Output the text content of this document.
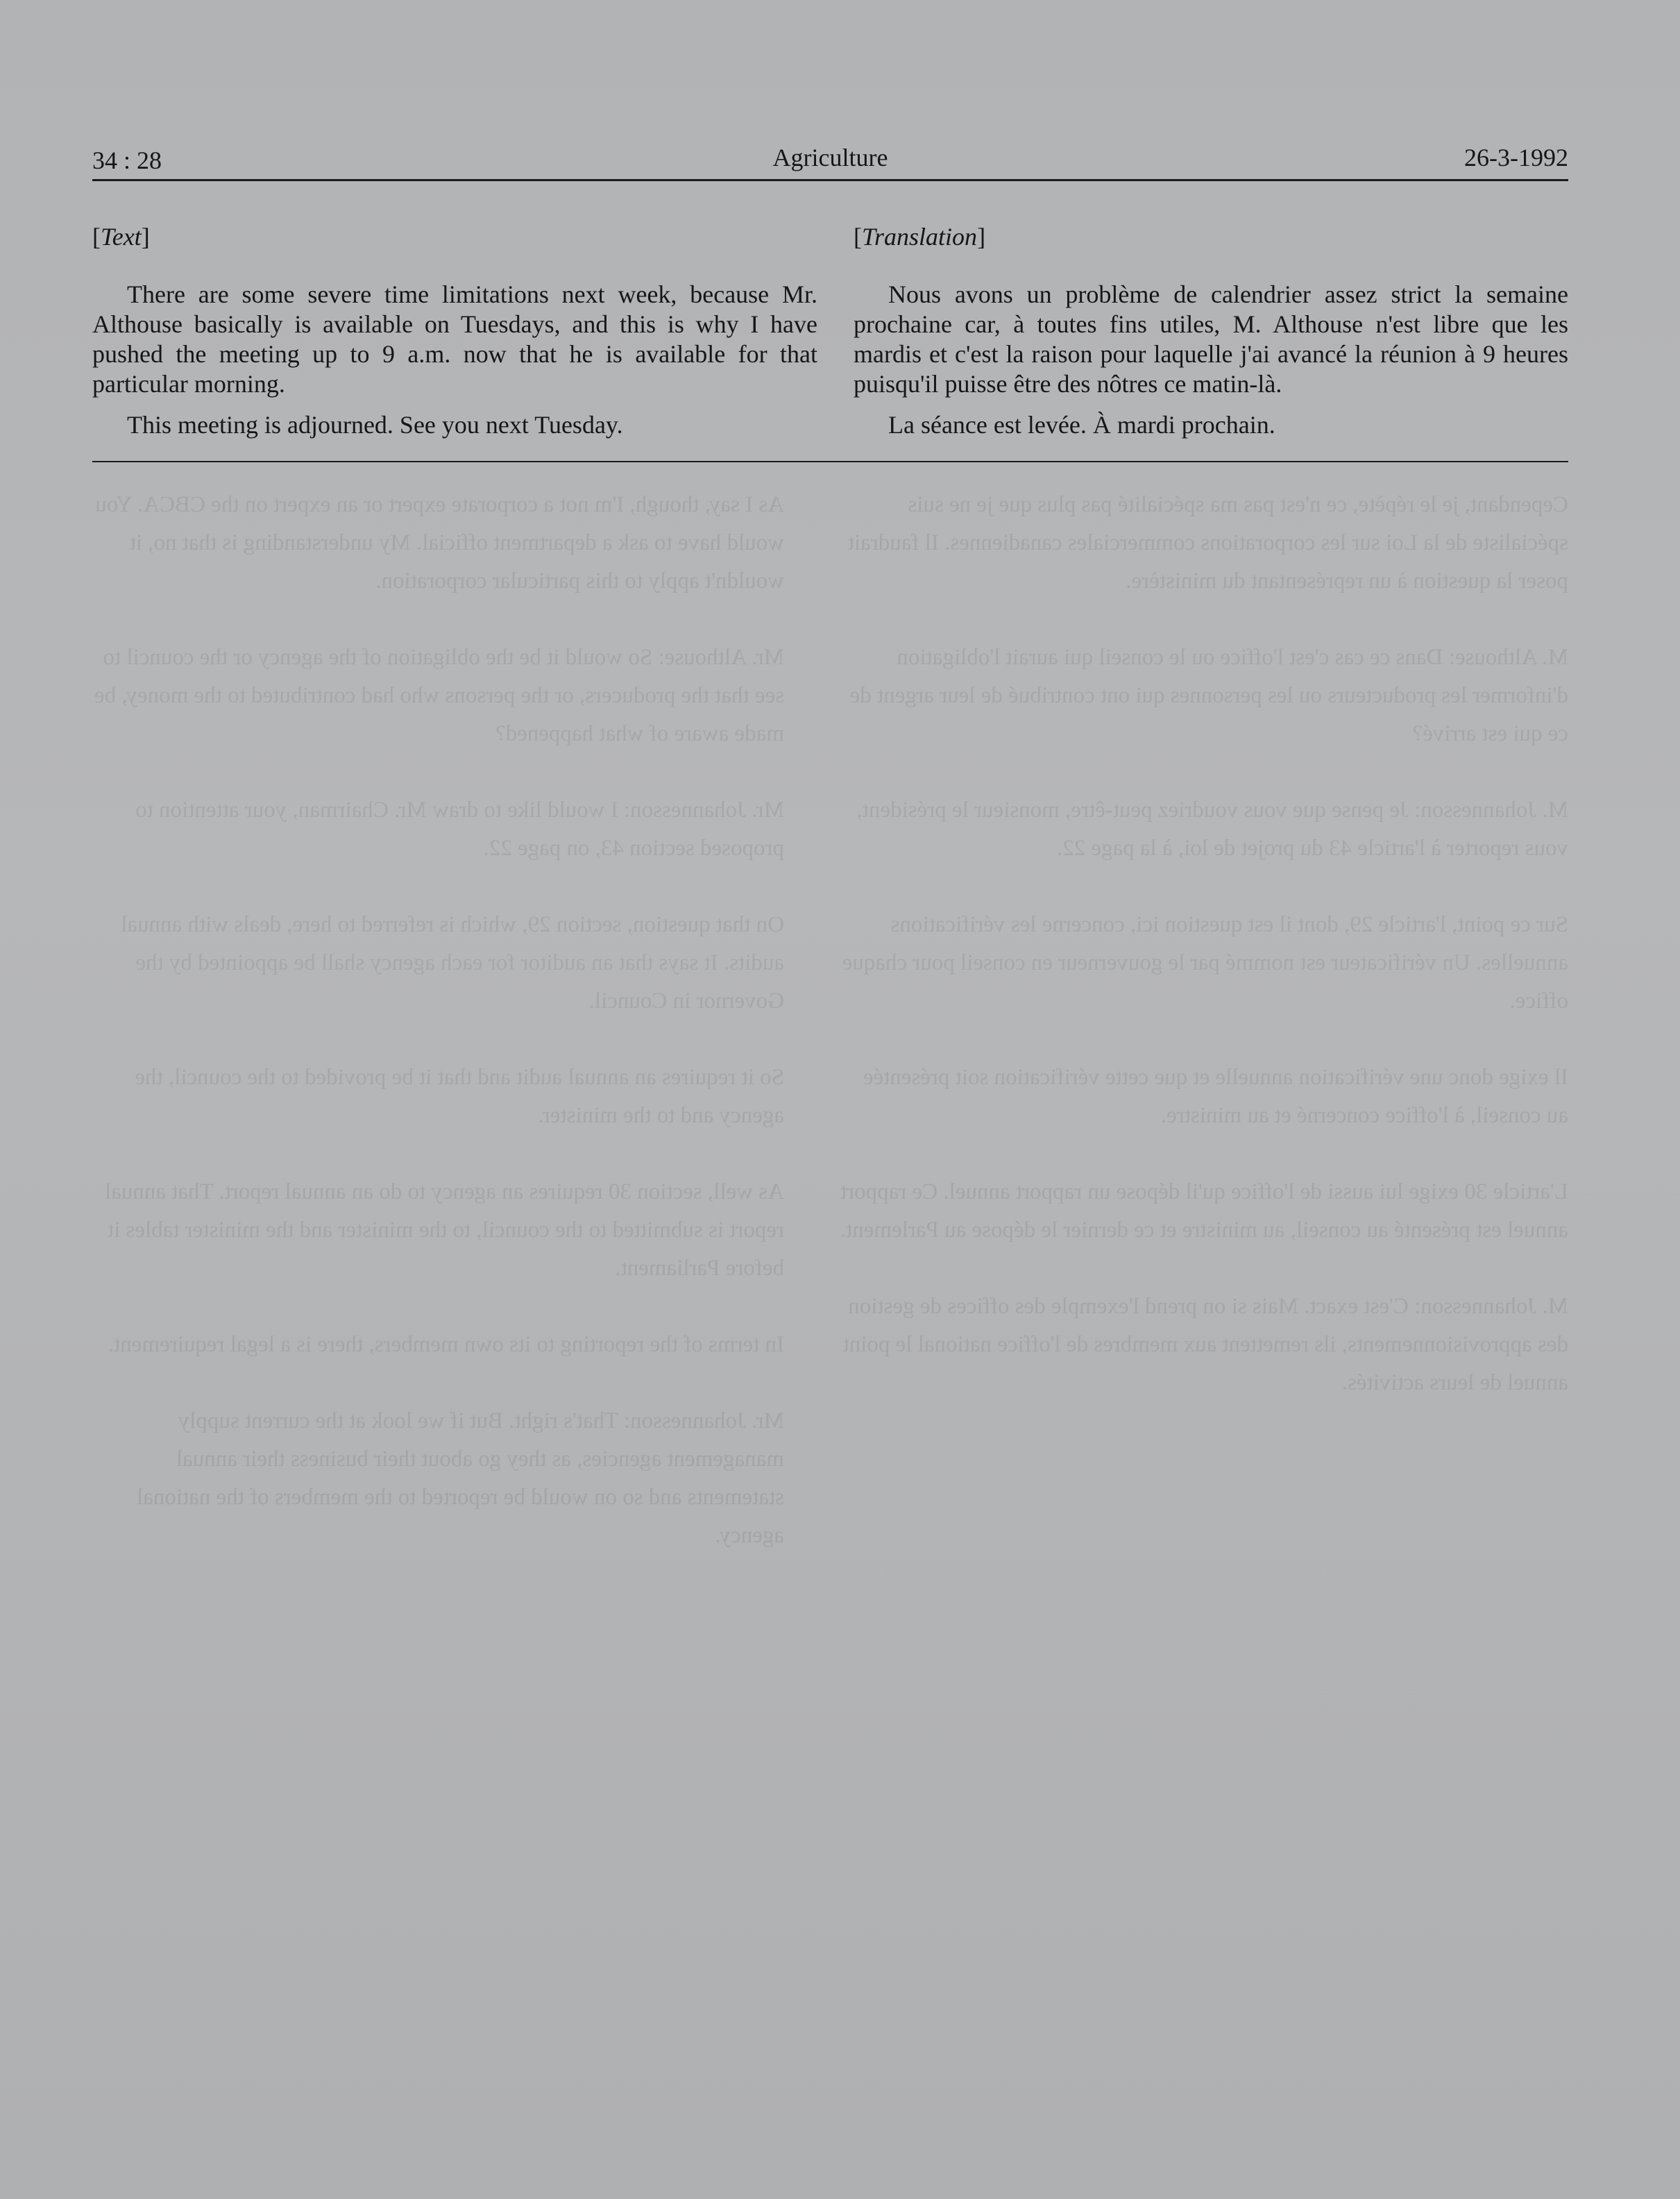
As I say, though, I'm not a corporate expert or an expert on the CBCA. You would have to ask a department official. My understanding is that no, it wouldn't apply to this particular corporation.

Mr. Althouse: So would it be the obligation of the agency or the council to see that the producers, or the persons who had contributed to the money, be made aware of what happened?

Mr. Johannesson: I would like to draw Mr. Chairman, your attention to proposed section 43, on page 22.

On that question, section 29, which is referred to here, deals with annual audits. It says that an auditor for each agency shall be appointed by the Governor in Council.

So it requires an annual audit and that it be provided to the council, the agency and to the minister.

As well, section 30 requires an agency to do an annual report. That annual report is submitted to the council, to the minister and the minister tables it before Parliament.

In terms of the reporting to its own members, there is a legal requirement.

Mr. Johannesson: That's right. But if we look at the current supply management agencies, as they go about their business their annual statements and so on would be reported to the members of the national agency.
Cependant, je le répète, ce n'est pas ma spécialité pas plus que je ne suis spécialiste de la Loi sur les corporations commerciales canadiennes. Il faudrait poser la question à un représentant du ministère.

M. Althouse: Dans ce cas c'est l'office ou le conseil qui aurait l'obligation d'informer les producteurs ou les personnes qui ont contribué de leur argent de ce qui est arrivé?

M. Johannesson: Je pense que vous voudriez peut-être, monsieur le président, vous reporter à l'article 43 du projet de loi, à la page 22.

Sur ce point, l'article 29, dont il est question ici, concerne les vérifications annuelles. Un vérificateur est nommé par le gouverneur en conseil pour chaque office.

Il exige donc une vérification annuelle et que cette vérification soit présentée au conseil, à l'office concerné et au ministre.

L'article 30 exige lui aussi de l'office qu'il dépose un rapport annuel. Ce rapport annuel est présenté au conseil, au ministre et ce dernier le dépose au Parlement.

M. Johannesson: C'est exact. Mais si on prend l'exemple des offices de gestion des approvisionnements, ils remettent aux membres de l'office national le point annuel de leurs activités.
34 : 28	Agriculture	26-3-1992
[Text]

There are some severe time limitations next week, because Mr. Althouse basically is available on Tuesdays, and this is why I have pushed the meeting up to 9 a.m. now that he is available for that particular morning.

This meeting is adjourned. See you next Tuesday.

[Translation]

Nous avons un problème de calendrier assez strict la semaine prochaine car, à toutes fins utiles, M. Althouse n'est libre que les mardis et c'est la raison pour laquelle j'ai avancé la réunion à 9 heures puisqu'il puisse être des nôtres ce matin-là.

La séance est levée. À mardi prochain.
